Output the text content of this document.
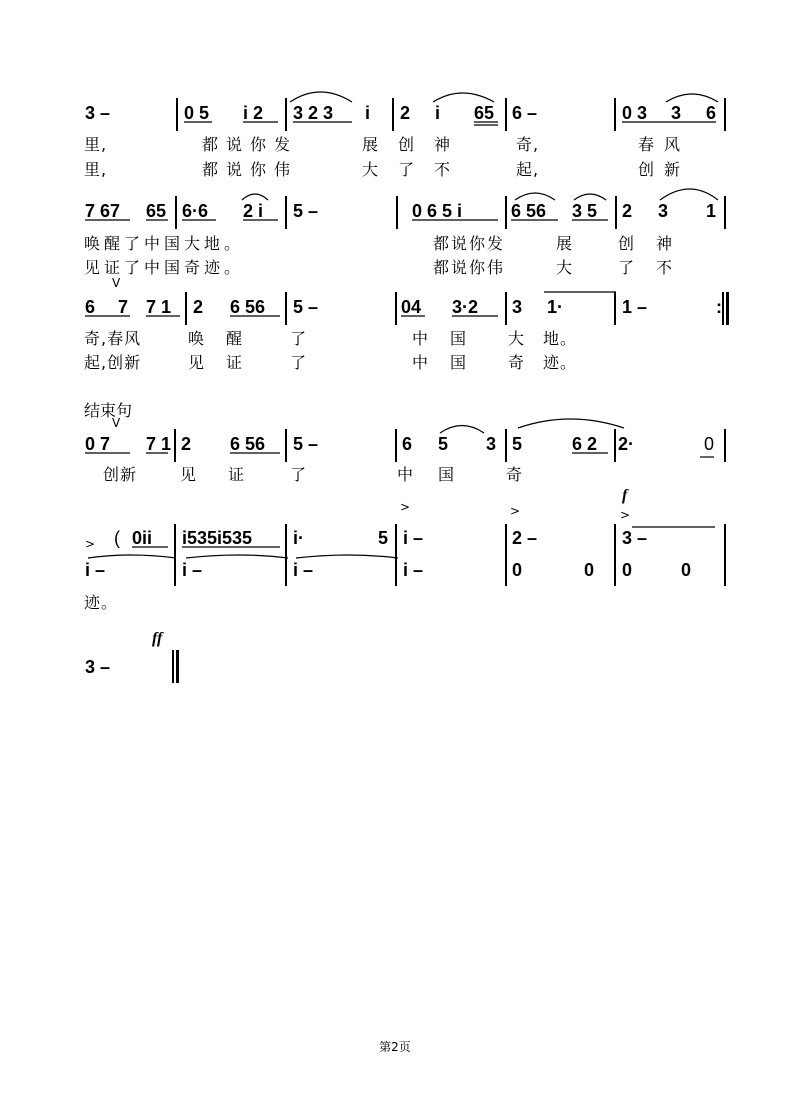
3 –	0 5 i 2 3 2 3 i 2 i 65 6 –	0 3 3 6
里,	都说你发	展创神	奇,	春风
里,	都说你伟	大了不	起,	创新
7 67 65 6·6 2 i 5 –	0 6 5 i	6 56 3 5 2 3 1
唤醒了中国大地。	都说你发	展	创 神
见证了中国奇迹。	都说你伟	大	了 不
V
6 7 7 1 2 6 56 5 –	04 3·2 3 1·	1 –	:
奇,春风	唤 醒	了	中 国	大 地。
起,创新	见 证	了	中 国	奇 迹。
结束句
V
0 7 7 1 2 6 56 5 –	6 5 3 5	6 2 2·	0
创新	见 证	了	中 国	奇
>	>	>
f
> ( 0ii i535i535 i·	5 i –	2 –	3 –
i –	i –	i –	i –	0	0 0	0
迹。
ff
3 –
第2页
